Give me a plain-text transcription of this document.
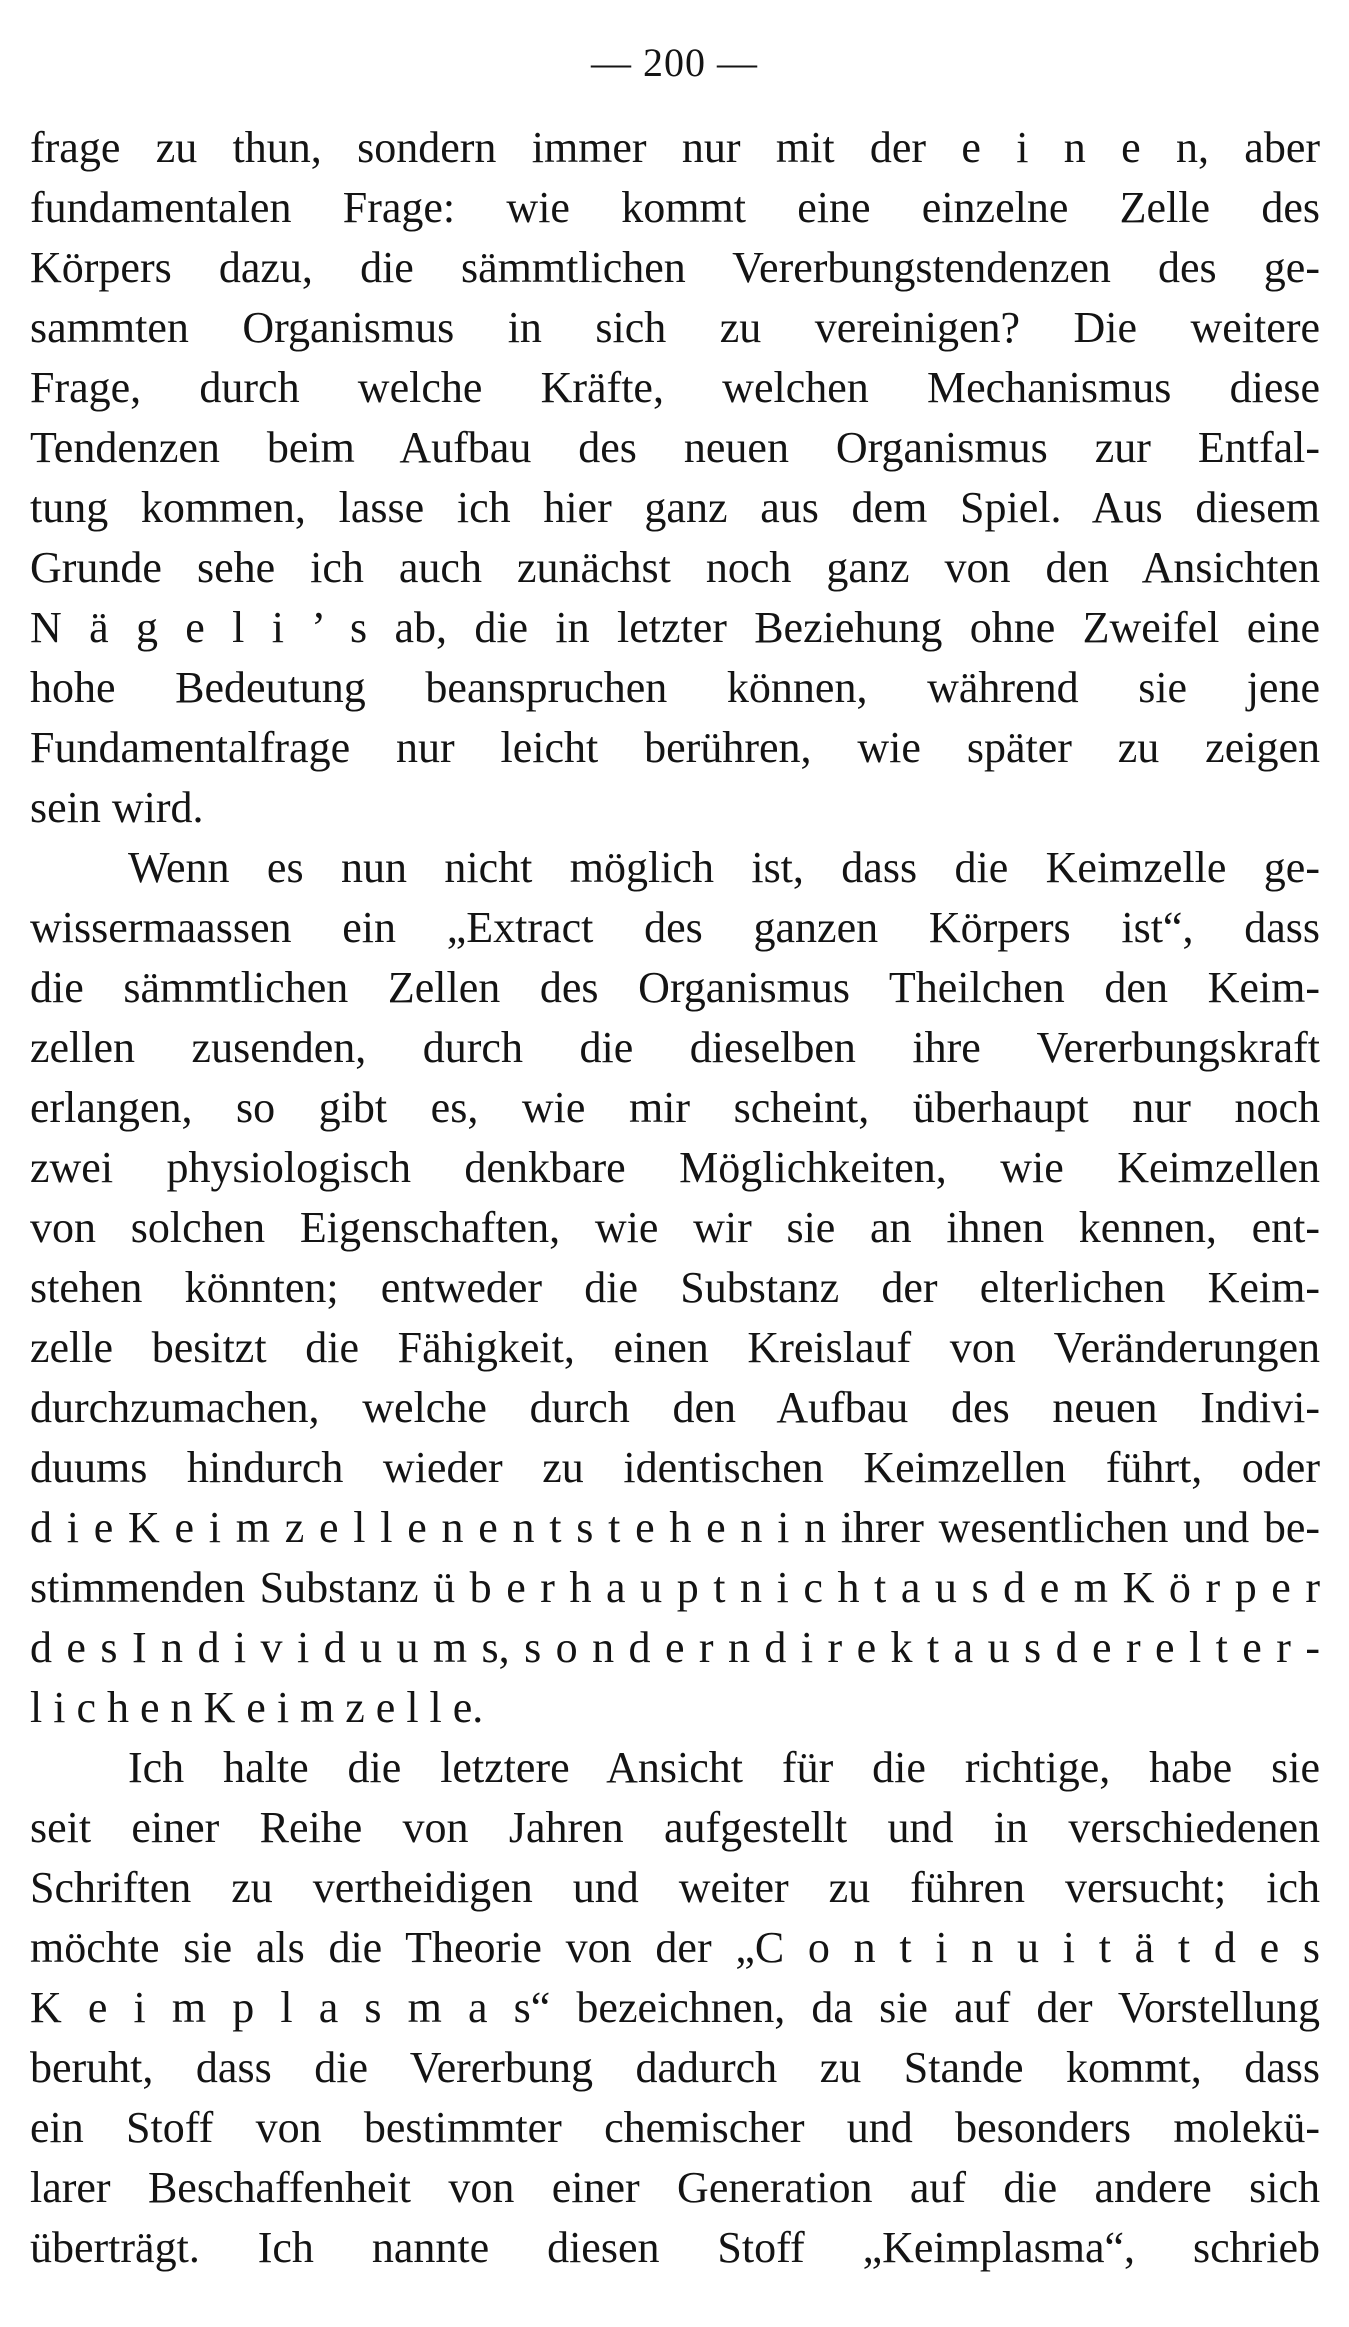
— 200 —
frage zu thun, sondern immer nur mit der e i n e n, aber
fundamentalen Frage: wie kommt eine einzelne Zelle des
Körpers dazu, die sämmtlichen Vererbungstendenzen des ge-
sammten Organismus in sich zu vereinigen? Die weitere
Frage, durch welche Kräfte, welchen Mechanismus diese
Tendenzen beim Aufbau des neuen Organismus zur Entfal-
tung kommen, lasse ich hier ganz aus dem Spiel. Aus diesem
Grunde sehe ich auch zunächst noch ganz von den Ansichten
N ä g e l i ’ s ab, die in letzter Beziehung ohne Zweifel eine
hohe Bedeutung beanspruchen können, während sie jene
Fundamentalfrage nur leicht berühren, wie später zu zeigen
sein wird.
Wenn es nun nicht möglich ist, dass die Keimzelle ge-
wissermaassen ein „Extract des ganzen Körpers ist“, dass
die sämmtlichen Zellen des Organismus Theilchen den Keim-
zellen zusenden, durch die dieselben ihre Vererbungskraft
erlangen, so gibt es, wie mir scheint, überhaupt nur noch
zwei physiologisch denkbare Möglichkeiten, wie Keimzellen
von solchen Eigenschaften, wie wir sie an ihnen kennen, ent-
stehen könnten; entweder die Substanz der elterlichen Keim-
zelle besitzt die Fähigkeit, einen Kreislauf von Veränderungen
durchzumachen, welche durch den Aufbau des neuen Indivi-
duums hindurch wieder zu identischen Keimzellen führt, oder
d i e K e i m z e l l e n e n t s t e h e n i n ihrer wesentlichen und be-
stimmenden Substanz ü b e r h a u p t n i c h t a u s d e m K ö r p e r
d e s I n d i v i d u u m s, s o n d e r n d i r e k t a u s d e r e l t e r -
l i c h e n K e i m z e l l e.
Ich halte die letztere Ansicht für die richtige, habe sie
seit einer Reihe von Jahren aufgestellt und in verschiedenen
Schriften zu vertheidigen und weiter zu führen versucht; ich
möchte sie als die Theorie von der „C o n t i n u i t ä t d e s
K e i m p l a s m a s“ bezeichnen, da sie auf der Vorstellung
beruht, dass die Vererbung dadurch zu Stande kommt, dass
ein Stoff von bestimmter chemischer und besonders molekü-
larer Beschaffenheit von einer Generation auf die andere sich
überträgt. Ich nannte diesen Stoff „Keimplasma“, schrieb
